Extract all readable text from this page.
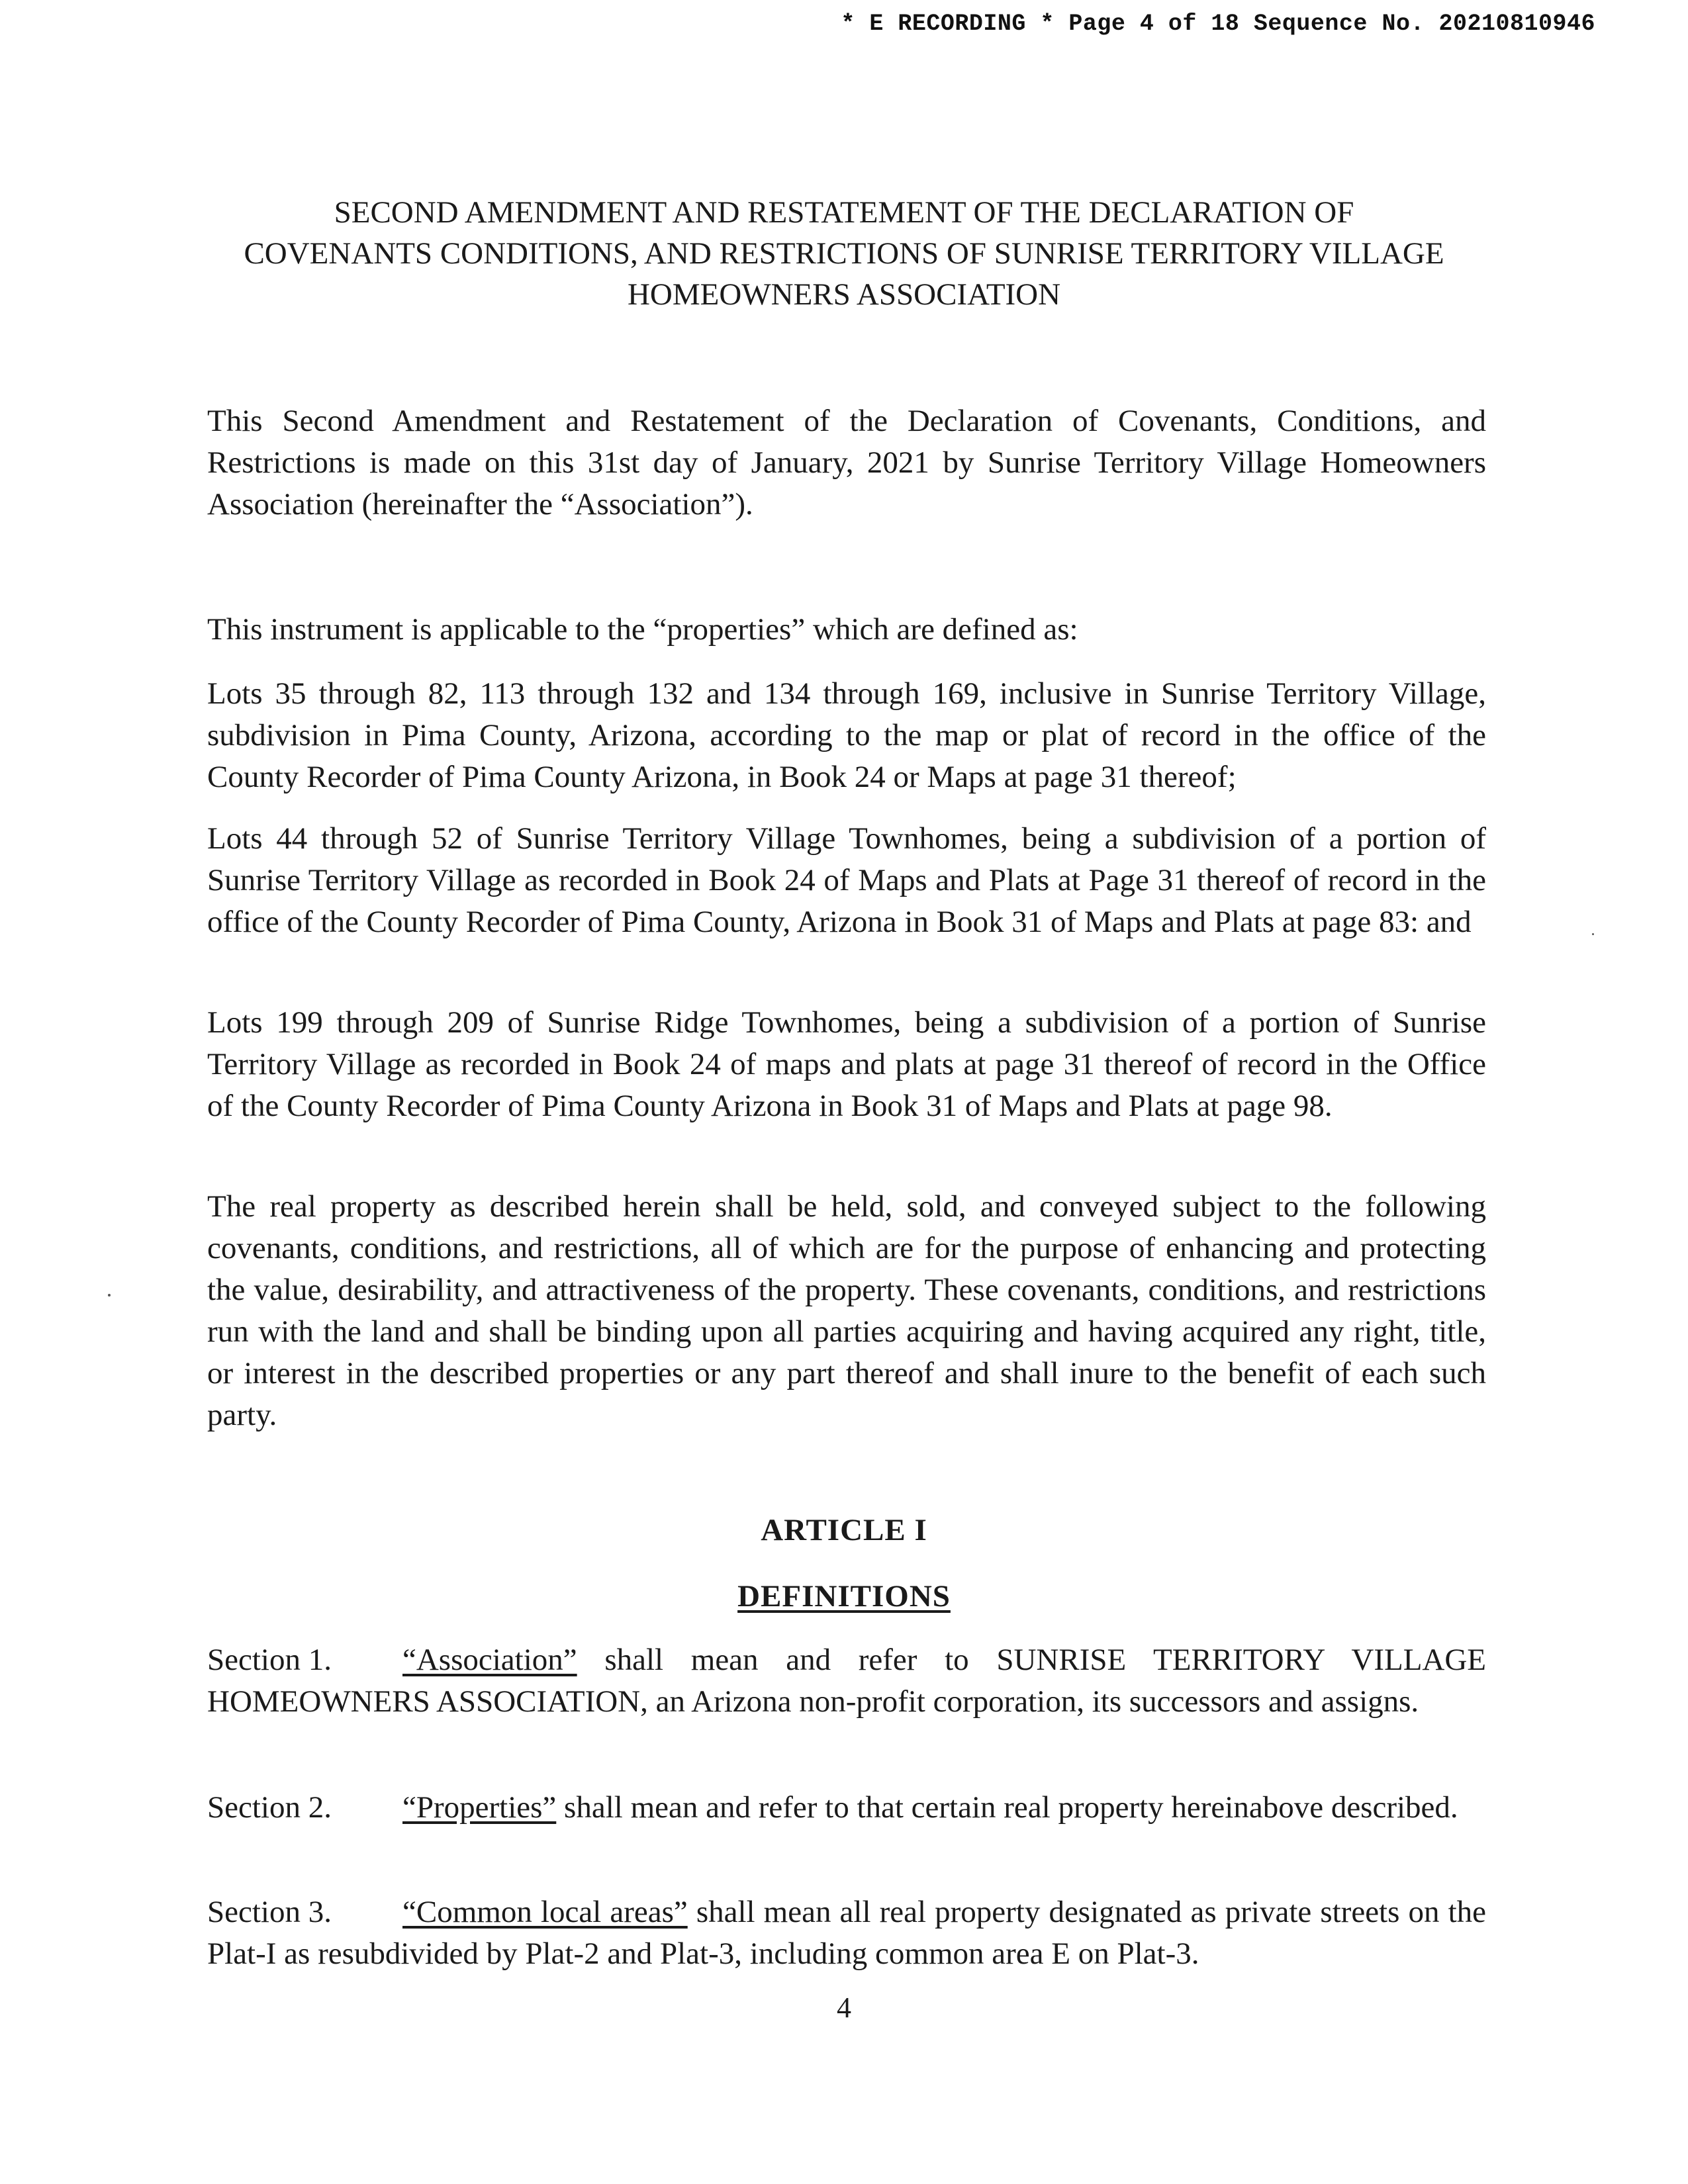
* E RECORDING * Page 4 of 18 Sequence No. 20210810946
SECOND AMENDMENT AND RESTATEMENT OF THE DECLARATION OF
COVENANTS CONDITIONS, AND RESTRICTIONS OF SUNRISE TERRITORY VILLAGE
HOMEOWNERS ASSOCIATION
This Second Amendment and Restatement of the Declaration of Covenants, Conditions, and Restrictions is made on this 31st day of January, 2021 by Sunrise Territory Village Homeowners Association (hereinafter the “Association”).
This instrument is applicable to the “properties” which are defined as:
Lots 35 through 82, 113 through 132 and 134 through 169, inclusive in Sunrise Territory Village, subdivision in Pima County, Arizona, according to the map or plat of record in the office of the County Recorder of Pima County Arizona, in Book 24 or Maps at page 31 thereof;
Lots 44 through 52 of Sunrise Territory Village Townhomes, being a subdivision of a portion of Sunrise Territory Village as recorded in Book 24 of Maps and Plats at Page 31 thereof of record in the office of the County Recorder of Pima County, Arizona in Book 31 of Maps and Plats at page 83: and
Lots 199 through 209 of Sunrise Ridge Townhomes, being a subdivision of a portion of Sunrise Territory Village as recorded in Book 24 of maps and plats at page 31 thereof of record in the Office of the County Recorder of Pima County Arizona in Book 31 of Maps and Plats at page 98.
The real property as described herein shall be held, sold, and conveyed subject to the following covenants, conditions, and restrictions, all of which are for the purpose of enhancing and protecting the value, desirability, and attractiveness of the property. These covenants, conditions, and restrictions run with the land and shall be binding upon all parties acquiring and having acquired any right, title, or interest in the described properties or any part thereof and shall inure to the benefit of each such party.
ARTICLE I
DEFINITIONS
Section 1. “Association” shall mean and refer to SUNRISE TERRITORY VILLAGE HOMEOWNERS ASSOCIATION, an Arizona non-profit corporation, its successors and assigns.
Section 2. “Properties” shall mean and refer to that certain real property hereinabove described.
Section 3. “Common local areas” shall mean all real property designated as private streets on the Plat-I as resubdivided by Plat-2 and Plat-3, including common area E on Plat-3.
4
